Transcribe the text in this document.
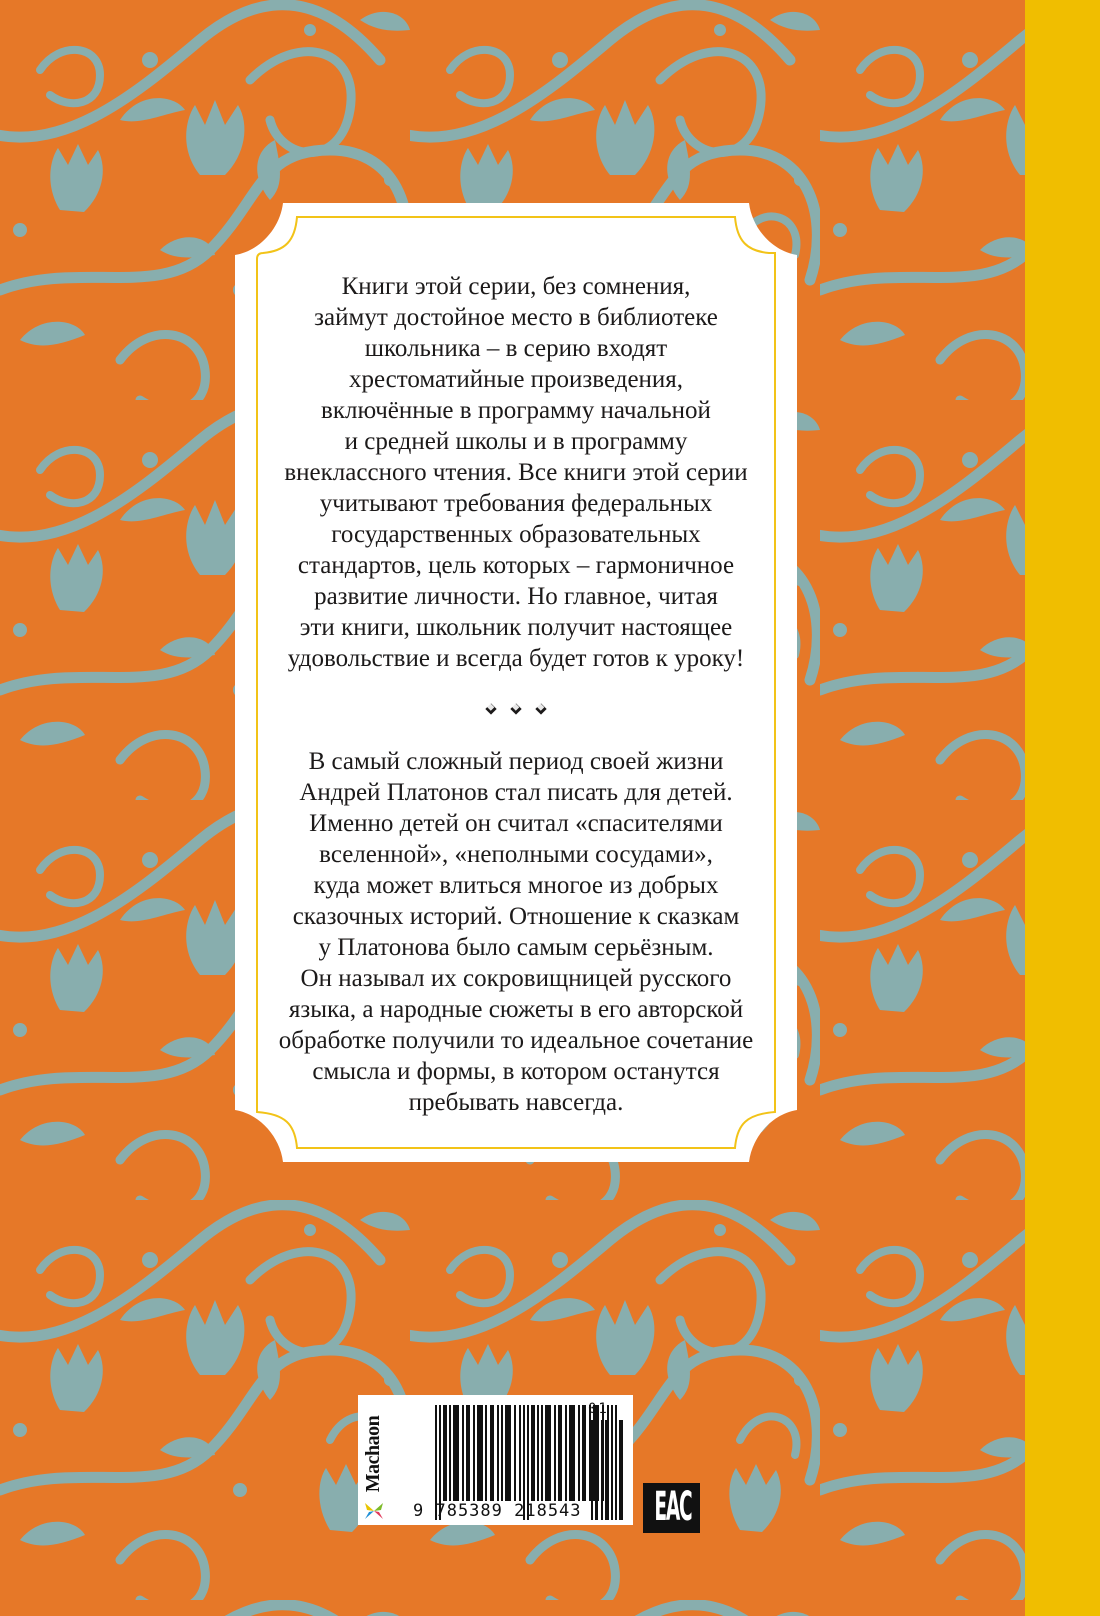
Книги этой серии, без сомнения,
займут достойное место в библиотеке
школьника – в серию входят
хрестоматийные произведения,
включённые в программу начальной
и средней школы и в программу
внеклассного чтения. Все книги этой серии
учитывают требования федеральных
государственных образовательных
стандартов, цель которых – гармоничное
развитие личности. Но главное, читая
эти книги, школьник получит настоящее
удовольствие и всегда будет готов к уроку!

В самый сложный период своей жизни
Андрей Платонов стал писать для детей.
Именно детей он считал «спасителями
вселенной», «неполными сосудами»,
куда может влиться многое из добрых
сказочных историй. Отношение к сказкам
у Платонова было самым серьёзным.
Он называл их сокровищницей русского
языка, а народные сюжеты в его авторской
обработке получили то идеальное сочетание
смысла и формы, в котором останутся
пребывать навсегда.

Machaon
9 785389 218543
01
EAC
